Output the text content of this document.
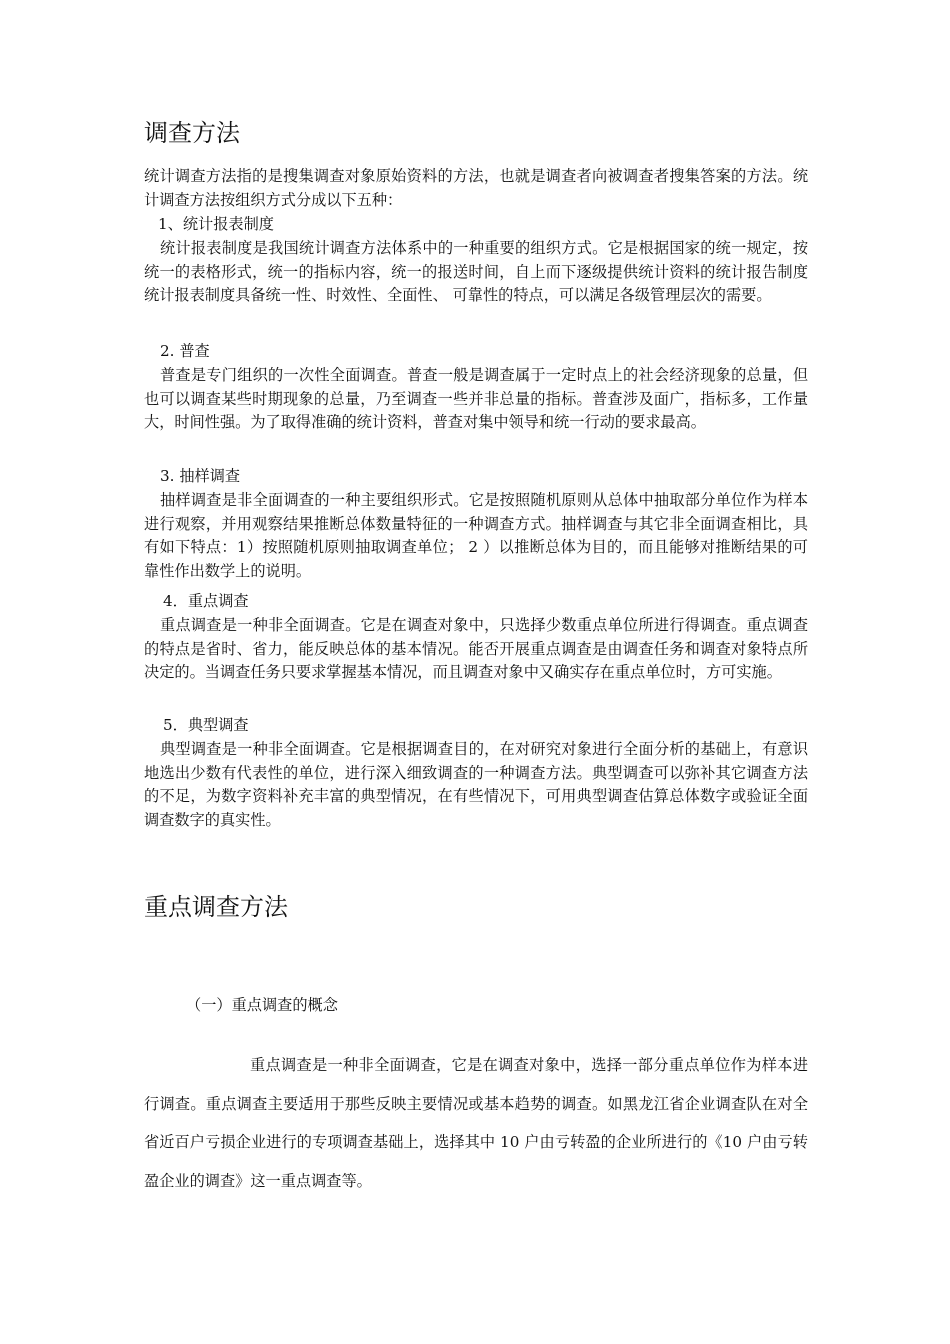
调查方法

统计调查方法指的是搜集调查对象原始资料的方法，也就是调查者向被调查者搜集答案的方法。统计调查方法按组织方式分成以下五种：

1、统计报表制度

统计报表制度是我国统计调查方法体系中的一种重要的组织方式。它是根据国家的统一规定，按统一的表格形式，统一的指标内容，统一的报送时间，自上而下逐级提供统计资料的统计报告制度 统计报表制度具备统一性、时效性、全面性、 可靠性的特点，可以满足各级管理层次的需要。

2. 普查

普查是专门组织的一次性全面调查。普查一般是调查属于一定时点上的社会经济现象的总量，但也可以调查某些时期现象的总量，乃至调查一些并非总量的指标。普查涉及面广，指标多，工作量大，时间性强。为了取得准确的统计资料，普查对集中领导和统一行动的要求最高。

3. 抽样调查

抽样调查是非全面调查的一种主要组织形式。它是按照随机原则从总体中抽取部分单位作为样本进行观察，并用观察结果推断总体数量特征的一种调查方式。抽样调查与其它非全面调查相比，具有如下特点：1）按照随机原则抽取调查单位； 2 ）以推断总体为目的，而且能够对推断结果的可靠性作出数学上的说明。

4．重点调查

重点调查是一种非全面调查。它是在调查对象中，只选择少数重点单位所进行得调查。重点调查的特点是省时、省力，能反映总体的基本情况。能否开展重点调查是由调查任务和调查对象特点所决定的。当调查任务只要求掌握基本情况，而且调查对象中又确实存在重点单位时，方可实施。

5．典型调查

典型调查是一种非全面调查。它是根据调查目的，在对研究对象进行全面分析的基础上，有意识地选出少数有代表性的单位，进行深入细致调查的一种调查方法。典型调查可以弥补其它调查方法的不足，为数字资料补充丰富的典型情况，在有些情况下，可用典型调查估算总体数字或验证全面调查数字的真实性。

重点调查方法

（一）重点调查的概念

重点调查是一种非全面调查，它是在调查对象中，选择一部分重点单位作为样本进行调查。重点调查主要适用于那些反映主要情况或基本趋势的调查。如黑龙江省企业调查队在对全省近百户亏损企业进行的专项调查基础上，选择其中 10 户由亏转盈的企业所进行的《10 户由亏转盈企业的调查》这一重点调查等。
